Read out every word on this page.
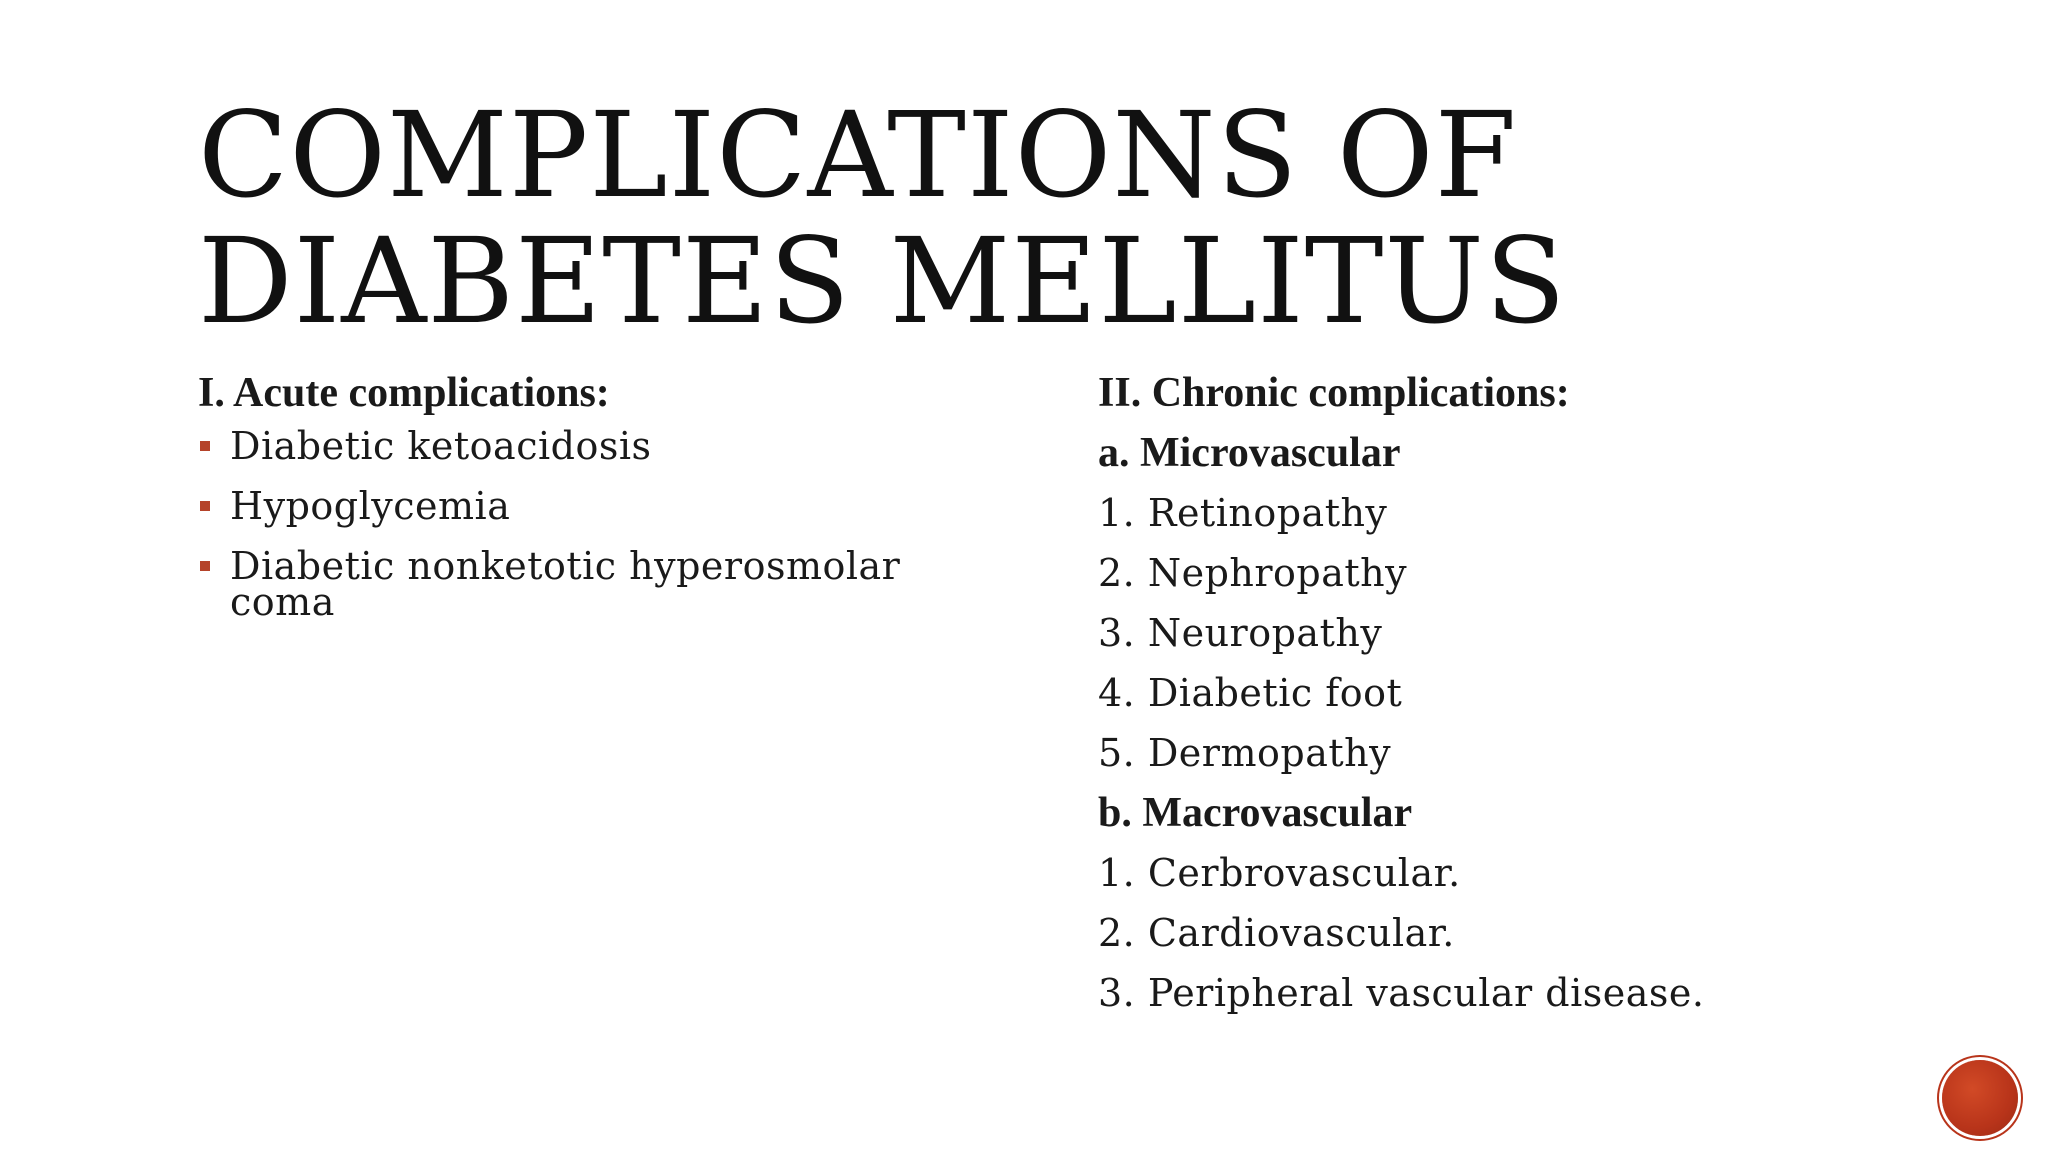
COMPLICATIONS OF
DIABETES MELLITUS
I. Acute complications:
Diabetic ketoacidosis
Hypoglycemia
Diabetic nonketotic hyperosmolar coma
II. Chronic complications:
a. Microvascular
1. Retinopathy
2. Nephropathy
3. Neuropathy
4. Diabetic foot
5. Dermopathy
b. Macrovascular
1. Cerbrovascular.
2. Cardiovascular.
3. Peripheral vascular disease.
